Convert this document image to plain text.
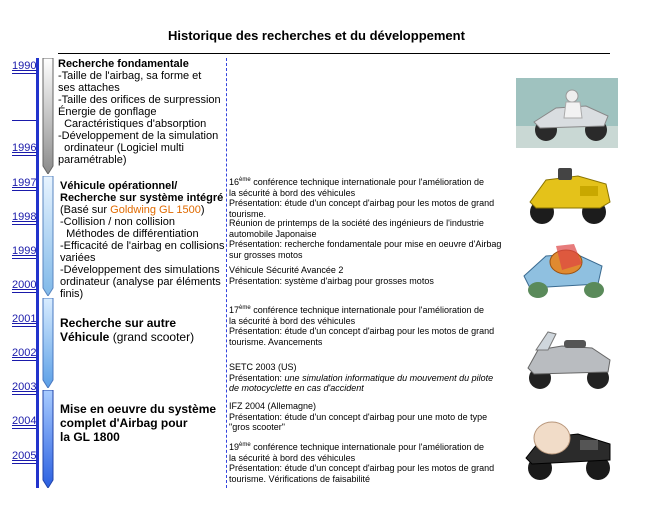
Historique des recherches et du développement
1990
1996
1997
1998
1999
2000
2001
2002
2003
2004
2005
Recherche fondamentale
-Taille de l'airbag, sa forme et
ses attaches
-Taille des orifices de surpression
Énergie de gonflage
Caractéristiques d'absorption
-Développement de la simulation
ordinateur (Logiciel multi
paramétrable)
Véhicule opérationnel/
Recherche sur système intégré
(Basé sur Goldwing GL 1500)
-Collision / non collision
Méthodes de différentiation
-Efficacité de l'airbag en collisions
variées
-Développement des simulations
ordinateur (analyse par éléments
finis)
Recherche sur autre
Véhicule (grand scooter)
Mise en oeuvre du système
complet d'Airbag pour
la GL 1800
16ème conférence technique internationale pour l'amélioration de
la sécurité à bord des véhicules
Présentation: étude d'un concept d'airbag pour les motos de grand
tourisme.
Réunion de printemps de la société des ingénieurs de l'industrie
automobile Japonaise
Présentation: recherche fondamentale pour mise en oeuvre d'Airbag
sur grosses motos
Véhicule Sécurité Avancée 2
Présentation: système d'airbag pour grosses motos
17ème conférence technique internationale pour l'amélioration de
la sécurité à bord des véhicules
Présentation: étude d'un concept d'airbag pour les motos de grand
tourisme. Avancements
SETC 2003 (US)
Présentation: une simulation informatique du mouvement du pilote
de motocyclette en cas d'accident
IFZ 2004 (Allemagne)
Présentation: étude d'un concept d'airbag pour une moto de type
"gros scooter"
19ème conférence technique internationale pour l'amélioration de
la sécurité à bord des véhicules
Présentation: étude d'un concept d'airbag pour les motos de grand
tourisme. Vérifications de faisabilité
